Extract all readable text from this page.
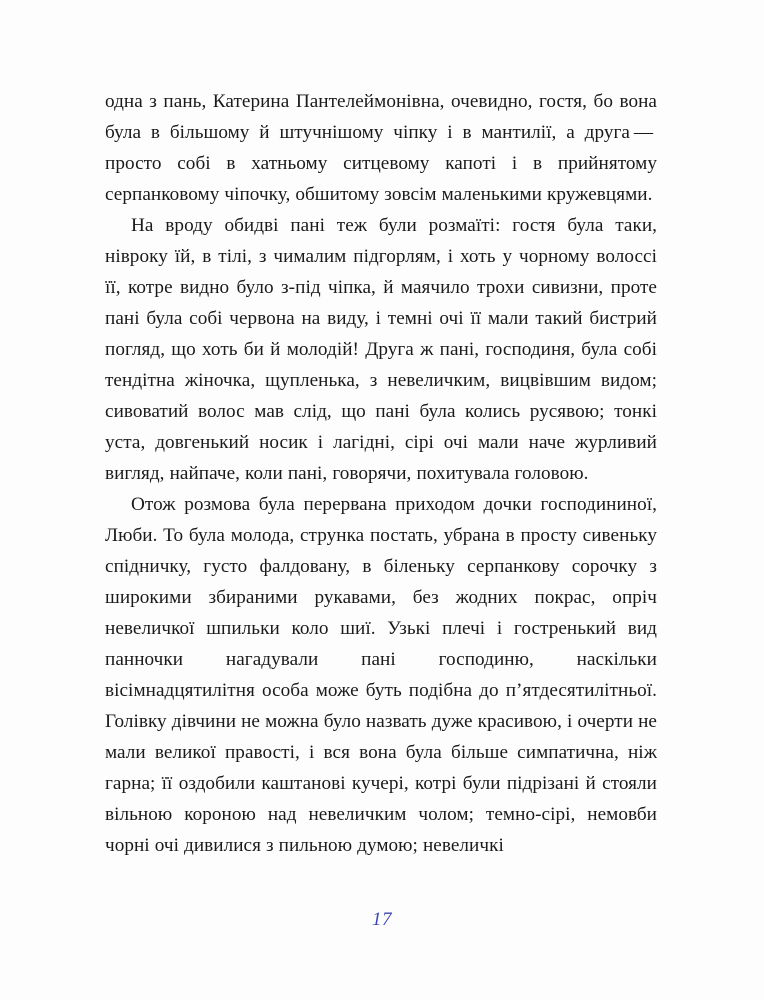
одна з пань, Катерина Пантелеймонівна, очевидно, гостя, бо вона була в більшому й штучнішому чіпку і в мантилії, а друга — просто собі в хатньому ситцевому капоті і в прийнятому серпанковому чіпочку, обшитому зовсім маленькими кружевцями.

На вроду обидві пані теж були розмаїті: гостя була таки, нівроку їй, в тілі, з чималим підгорлям, і хоть у чорному волоссі її, котре видно було з-під чіпка, й маячило трохи сивизни, проте пані була собі червона на виду, і темні очі її мали такий бистрий погляд, що хоть би й молодій! Друга ж пані, господиня, була собі тендітна жіночка, щупленька, з невеличким, вицвівшим видом; сивоватий волос мав слід, що пані була колись русявою; тонкі уста, довгенький носик і лагідні, сірі очі мали наче журливий вигляд, найпаче, коли пані, говорячи, похитувала головою.

Отож розмова була перервана приходом дочки господининої, Люби. То була молода, струнка постать, убрана в просту сивеньку спідничку, густо фалдовану, в біленьку серпанкову сорочку з широкими збираними рукавами, без жодних покрас, опріч невеличкої шпильки коло шиї. Узькі плечі і гостренький вид панночки нагадували пані господиню, наскільки вісімнадцятилітня особа може буть подібна до п’ятдесятилітньої. Голівку дівчини не можна було назвать дуже красивою, і очерти не мали великої правості, і вся вона була більше симпатична, ніж гарна; її оздобили каштанові кучері, котрі були підрізані й стояли вільною короною над невеличким чолом; темно-сірі, немовби чорні очі дивилися з пильною думою; невеличкі

17
